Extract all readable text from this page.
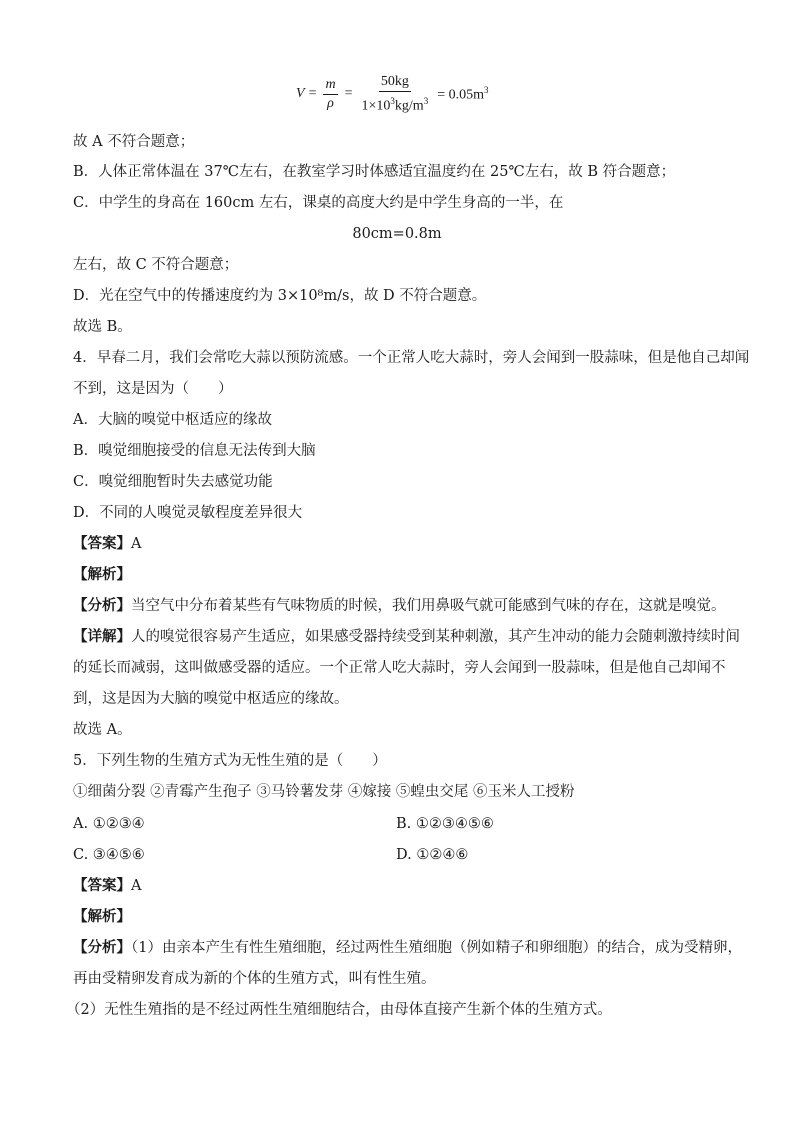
$V = \frac{m}{\rho} = \frac{50kg}{1\times 10^3kg/m^3} = 0.05m^3$
故 A 不符合题意；
B．人体正常体温在 37℃左右，在教室学习时体感适宜温度约在 25℃左右，故 B 符合题意；
C．中学生的身高在 160cm 左右，课桌的高度大约是中学生身高的一半，在
80cm=0.8m
左右，故 C 不符合题意；
D．光在空气中的传播速度约为 3×10⁸m/s，故 D 不符合题意。
故选 B。
4．早春二月，我们会常吃大蒜以预防流感。一个正常人吃大蒜时，旁人会闻到一股蒜味，但是他自己却闻
不到，这是因为（　　）
A．大脑的嗅觉中枢适应的缘故
B．嗅觉细胞接受的信息无法传到大脑
C．嗅觉细胞暂时失去感觉功能
D．不同的人嗅觉灵敏程度差异很大
【答案】A
【解析】
【分析】当空气中分布着某些有气味物质的时候，我们用鼻吸气就可能感到气味的存在，这就是嗅觉。
【详解】人的嗅觉很容易产生适应，如果感受器持续受到某种刺激，其产生冲动的能力会随刺激持续时间
的延长而减弱，这叫做感受器的适应。一个正常人吃大蒜时，旁人会闻到一股蒜味，但是他自己却闻不
到，这是因为大脑的嗅觉中枢适应的缘故。
故选 A。
5．下列生物的生殖方式为无性生殖的是（　　）
①细菌分裂 ②青霉产生孢子 ③马铃薯发芽 ④嫁接 ⑤蝗虫交尾 ⑥玉米人工授粉
A. ①②③④	B. ①②③④⑤⑥
C. ③④⑤⑥	D. ①②④⑥
【答案】A
【解析】
【分析】（1）由亲本产生有性生殖细胞，经过两性生殖细胞（例如精子和卵细胞）的结合，成为受精卵，
再由受精卵发育成为新的个体的生殖方式，叫有性生殖。
（2）无性生殖指的是不经过两性生殖细胞结合，由母体直接产生新个体的生殖方式。
